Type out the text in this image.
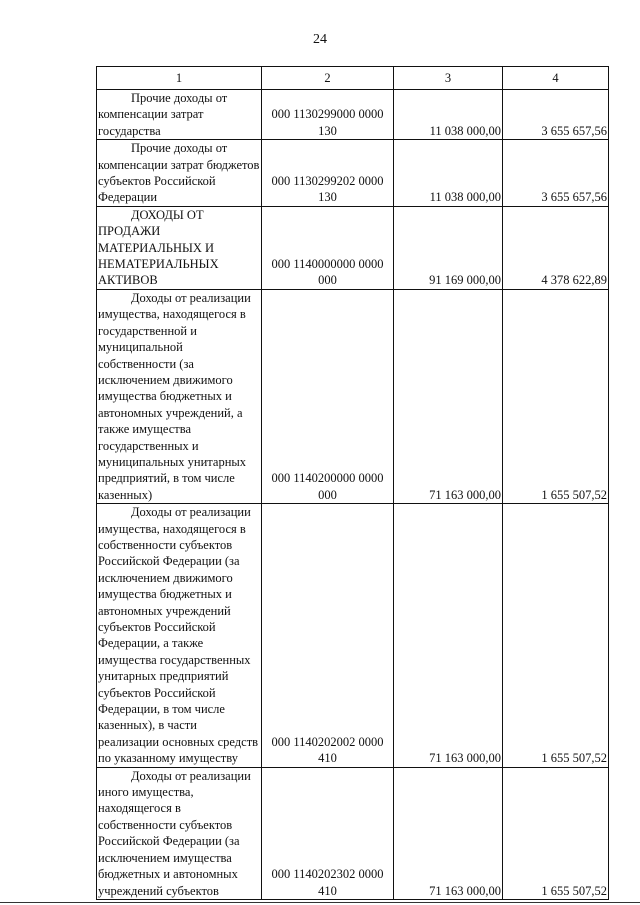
24
1	2	3	4
Прочие доходы от компенсации затрат государства	000 1130299000 0000 130	11 038 000,00	3 655 657,56
Прочие доходы от компенсации затрат бюджетов субъектов Российской Федерации	000 1130299202 0000 130	11 038 000,00	3 655 657,56
ДОХОДЫ ОТ ПРОДАЖИ МАТЕРИАЛЬНЫХ И НЕМАТЕРИАЛЬНЫХ АКТИВОВ	000 1140000000 0000 000	91 169 000,00	4 378 622,89
Доходы от реализации имущества, находящегося в государственной и муниципальной собственности (за исключением движимого имущества бюджетных и автономных учреждений, а также имущества государственных и муниципальных унитарных предприятий, в том числе казенных)	000 1140200000 0000 000	71 163 000,00	1 655 507,52
Доходы от реализации имущества, находящегося в собственности субъектов Российской Федерации (за исключением движимого имущества бюджетных и автономных учреждений субъектов Российской Федерации, а также имущества государственных унитарных предприятий субъектов Российской Федерации, в том числе казенных), в части реализации основных средств по указанному имуществу	000 1140202002 0000 410	71 163 000,00	1 655 507,52
Доходы от реализации иного имущества, находящегося в собственности субъектов Российской Федерации (за исключением имущества бюджетных и автономных учреждений субъектов	000 1140202302 0000 410	71 163 000,00	1 655 507,52
